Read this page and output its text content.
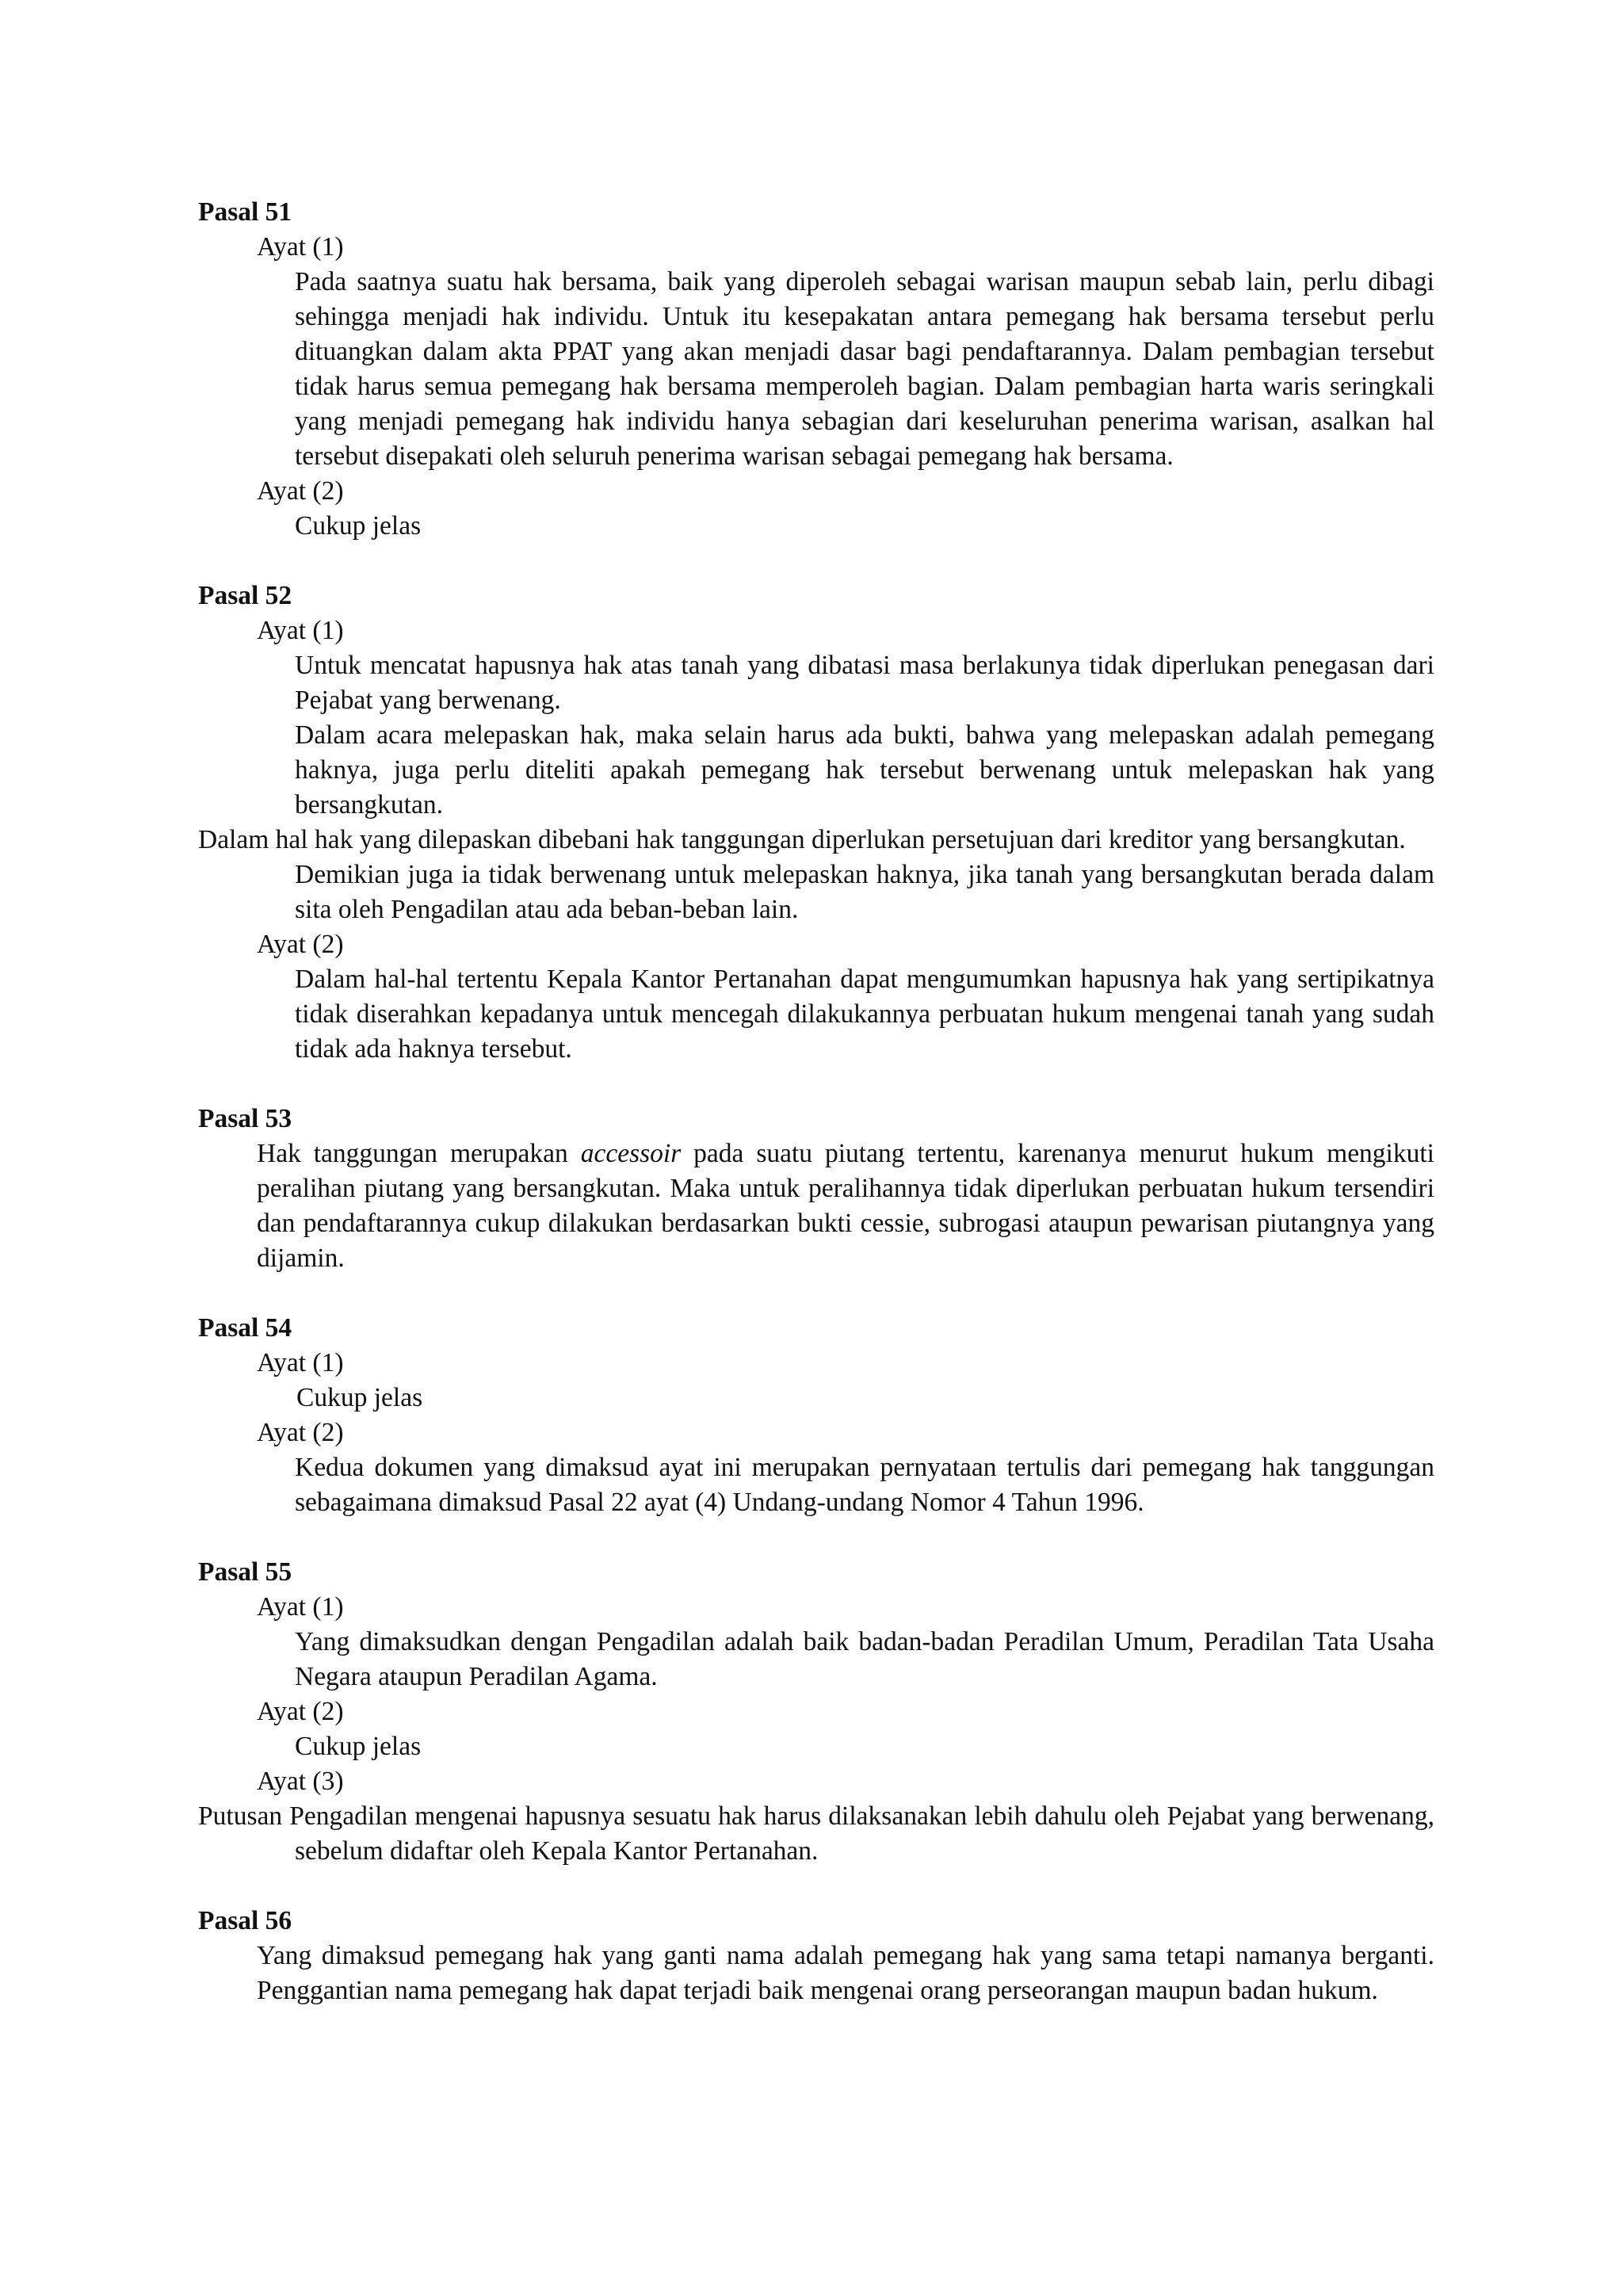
Pasal 51
Ayat (1)
Pada saatnya suatu hak bersama, baik yang diperoleh sebagai warisan maupun sebab lain, perlu dibagi sehingga menjadi hak individu. Untuk itu kesepakatan antara pemegang hak bersama tersebut perlu dituangkan dalam akta PPAT yang akan menjadi dasar bagi pendaftarannya. Dalam pembagian tersebut tidak harus semua pemegang hak bersama memperoleh bagian. Dalam pembagian harta waris seringkali yang menjadi pemegang hak individu hanya sebagian dari keseluruhan penerima warisan, asalkan hal tersebut disepakati oleh seluruh penerima warisan sebagai pemegang hak bersama.
Ayat (2)
Cukup jelas
Pasal 52
Ayat (1)
Untuk mencatat hapusnya hak atas tanah yang dibatasi masa berlakunya tidak diperlukan penegasan dari Pejabat yang berwenang.
Dalam acara melepaskan hak, maka selain harus ada bukti, bahwa yang melepaskan adalah pemegang haknya, juga perlu diteliti apakah pemegang hak tersebut berwenang untuk melepaskan hak yang bersangkutan.
Dalam hal hak yang dilepaskan dibebani hak tanggungan diperlukan persetujuan dari kreditor yang bersangkutan.
Demikian juga ia tidak berwenang untuk melepaskan haknya, jika tanah yang bersangkutan berada dalam sita oleh Pengadilan atau ada beban-beban lain.
Ayat (2)
Dalam hal-hal tertentu Kepala Kantor Pertanahan dapat mengumumkan hapusnya hak yang sertipikatnya tidak diserahkan kepadanya untuk mencegah dilakukannya perbuatan hukum mengenai tanah yang sudah tidak ada haknya tersebut.
Pasal 53
Hak tanggungan merupakan accessoir pada suatu piutang tertentu, karenanya menurut hukum mengikuti peralihan piutang yang bersangkutan. Maka untuk peralihannya tidak diperlukan perbuatan hukum tersendiri dan pendaftarannya cukup dilakukan berdasarkan bukti cessie, subrogasi ataupun pewarisan piutangnya yang dijamin.
Pasal 54
Ayat (1)
Cukup jelas
Ayat (2)
Kedua dokumen yang dimaksud ayat ini merupakan pernyataan tertulis dari pemegang hak tanggungan sebagaimana dimaksud Pasal 22 ayat (4) Undang-undang Nomor 4 Tahun 1996.
Pasal 55
Ayat (1)
Yang dimaksudkan dengan Pengadilan adalah baik badan-badan Peradilan Umum, Peradilan Tata Usaha Negara ataupun Peradilan Agama.
Ayat (2)
Cukup jelas
Ayat (3)
Putusan Pengadilan mengenai hapusnya sesuatu hak harus dilaksanakan lebih dahulu oleh Pejabat yang berwenang, sebelum didaftar oleh Kepala Kantor Pertanahan.
Pasal 56
Yang dimaksud pemegang hak yang ganti nama adalah pemegang hak yang sama tetapi namanya berganti. Penggantian nama pemegang hak dapat terjadi baik mengenai orang perseorangan maupun badan hukum.
